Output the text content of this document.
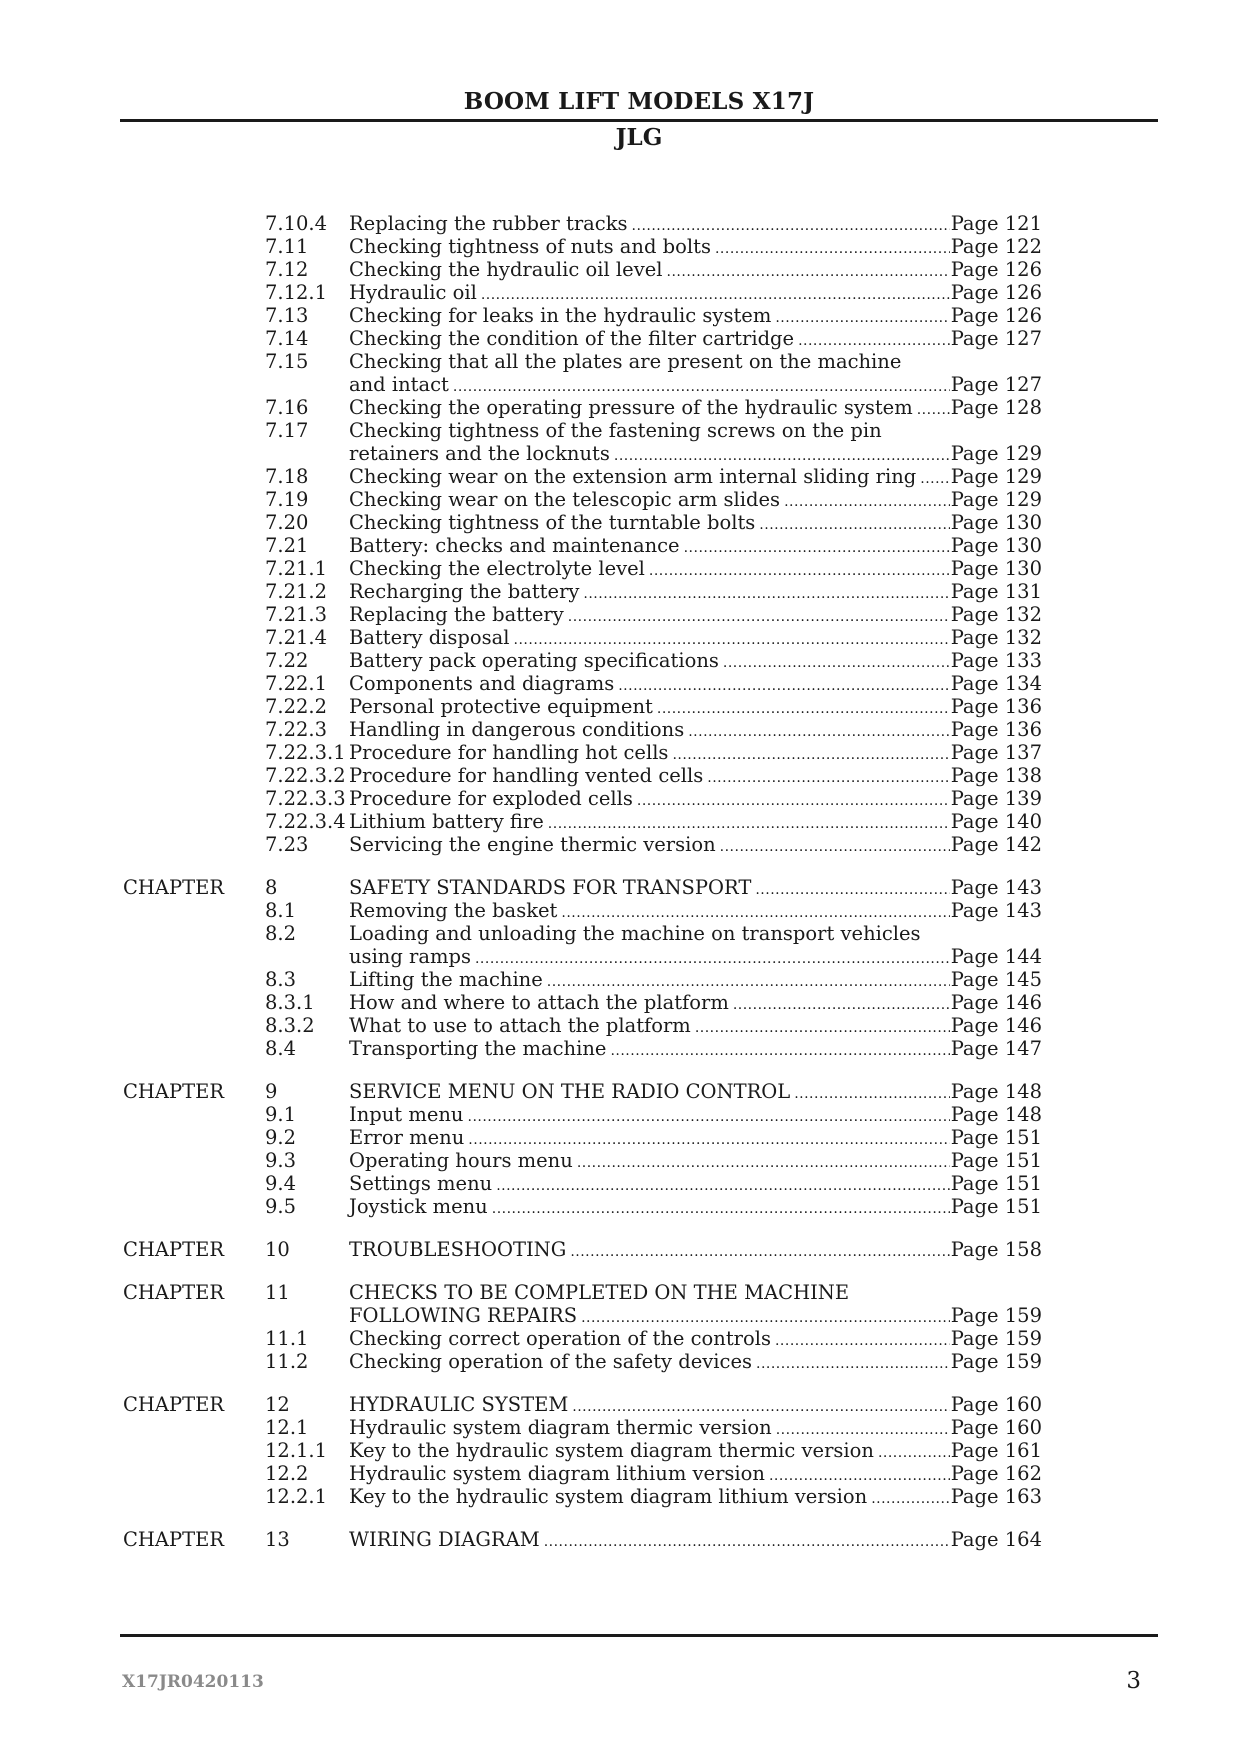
BOOM LIFT MODELS X17J
JLG
7.10.4 Replacing the rubber tracks .....	Page 121
7.11 Checking tightness of nuts and bolts .....	Page 122
7.12 Checking the hydraulic oil level .....	Page 126
7.12.1 Hydraulic oil .....	Page 126
7.13 Checking for leaks in the hydraulic system .....	Page 126
7.14 Checking the condition of the filter cartridge .....	Page 127
7.15 Checking that all the plates are present on the machine
and intact .....	Page 127
7.16 Checking the operating pressure of the hydraulic system ..... Page 128
7.17 Checking tightness of the fastening screws on the pin
retainers and the locknuts .....	Page 129
7.18 Checking wear on the extension arm internal sliding ring ..... Page 129
7.19 Checking wear on the telescopic arm slides .....	Page 129
7.20 Checking tightness of the turntable bolts .....	Page 130
7.21 Battery: checks and maintenance .....	Page 130
7.21.1 Checking the electrolyte level .....	Page 130
7.21.2 Recharging the battery .....	Page 131
7.21.3 Replacing the battery .....	Page 132
7.21.4 Battery disposal .....	Page 132
7.22 Battery pack operating specifications .....	Page 133
7.22.1 Components and diagrams .....	Page 134
7.22.2 Personal protective equipment .....	Page 136
7.22.3 Handling in dangerous conditions .....	Page 136
7.22.3.1 Procedure for handling hot cells .....	Page 137
7.22.3.2 Procedure for handling vented cells .....	Page 138
7.22.3.3 Procedure for exploded cells .....	Page 139
7.22.3.4 Lithium battery fire .....	Page 140
7.23 Servicing the engine thermic version .....	Page 142
CHAPTER 8	SAFETY STANDARDS FOR TRANSPORT .....	Page 143
8.1	Removing the basket .....	Page 143
8.2	Loading and unloading the machine on transport vehicles
using ramps .....	Page 144
8.3	Lifting the machine .....	Page 145
8.3.1 How and where to attach the platform .....	Page 146
8.3.2 What to use to attach the platform .....	Page 146
8.4	Transporting the machine .....	Page 147
CHAPTER 9	SERVICE MENU ON THE RADIO CONTROL .....	Page 148
9.1	Input menu .....	Page 148
9.2	Error menu .....	Page 151
9.3	Operating hours menu .....	Page 151
9.4	Settings menu .....	Page 151
9.5	Joystick menu .....	Page 151
CHAPTER 10	TROUBLESHOOTING .....	Page 158
CHAPTER 11	CHECKS TO BE COMPLETED ON THE MACHINE
FOLLOWING REPAIRS .....	Page 159
11.1 Checking correct operation of the controls .....	Page 159
11.2 Checking operation of the safety devices .....	Page 159
CHAPTER 12	HYDRAULIC SYSTEM .....	Page 160
12.1 Hydraulic system diagram thermic version .....	Page 160
12.1.1 Key to the hydraulic system diagram thermic version .....	Page 161
12.2 Hydraulic system diagram lithium version .....	Page 162
12.2.1 Key to the hydraulic system diagram lithium version .....	Page 163
CHAPTER 13	WIRING DIAGRAM .....	Page 164
X17JR0420113	3
